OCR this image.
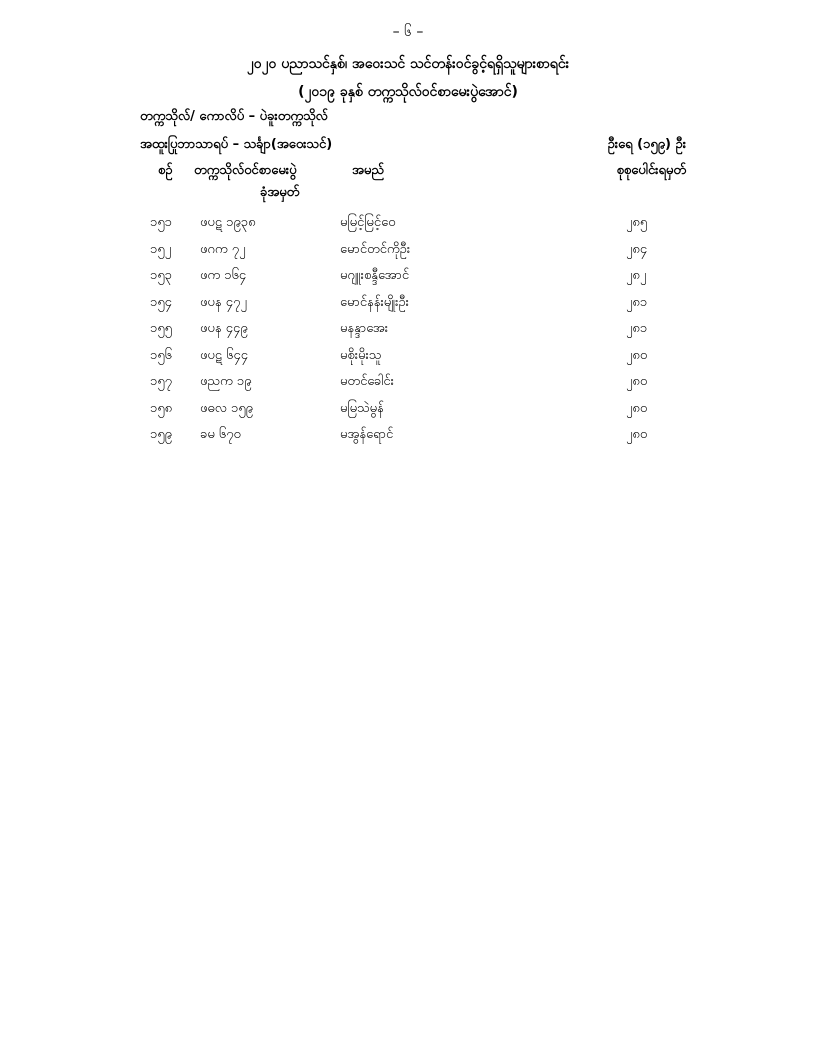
– ၆ –
၂၀၂၀ ပညာသင်နှစ်၊ အဝေးသင် သင်တန်းဝင်ခွင့်ရရှိသူများစာရင်း
(၂၀၁၉ ခုနှစ် တက္ကသိုလ်ဝင်စာမေးပွဲအောင်)
တက္ကသိုလ်/ ကောလိပ် – ပဲခူးတက္ကသိုလ်
အထူးပြုဘာသာရပ် – သင်္ချာ(အဝေးသင်)	ဦးရေ (၁၅၉) ဦး
စဉ် တက္ကသိုလ်ဝင်စာမေးပွဲ
ခုံအမှတ်
အမည်	စုစုပေါင်းရမှတ်
၁၅၁ ဖပဋ ၁၉၃၈	မမြင့်မြင့်ဝေ	၂၈၅
၁၅၂ ဖဂက ၇၂	မောင်တင်ကိုဦး	၂၈၄
၁၅၃ ဖက ၁၆၄	မဂျူးစန္ဒီအောင်	၂၈၂
၁၅၄ ဖပန ၄၇၂	မောင်နန်းမျိုးဦး	၂၈၁
၁၅၅ ဖပန ၄၄၉	မနန္ဒာအေး	၂၈၁
၁၅၆ ဖပဋ ၆၄၄	မစိုးမိုးသူ	၂၈၀
၁၅၇ ဖညက ၁၉	မတင်ခေါင်း	၂၈၀
၁၅၈ ဖဓလ ၁၅၉	မမြသဲမွန်	၂၈၀
၁၅၉ ခမ ၆၇၀	မအွန်ရောင်	၂၈၀
